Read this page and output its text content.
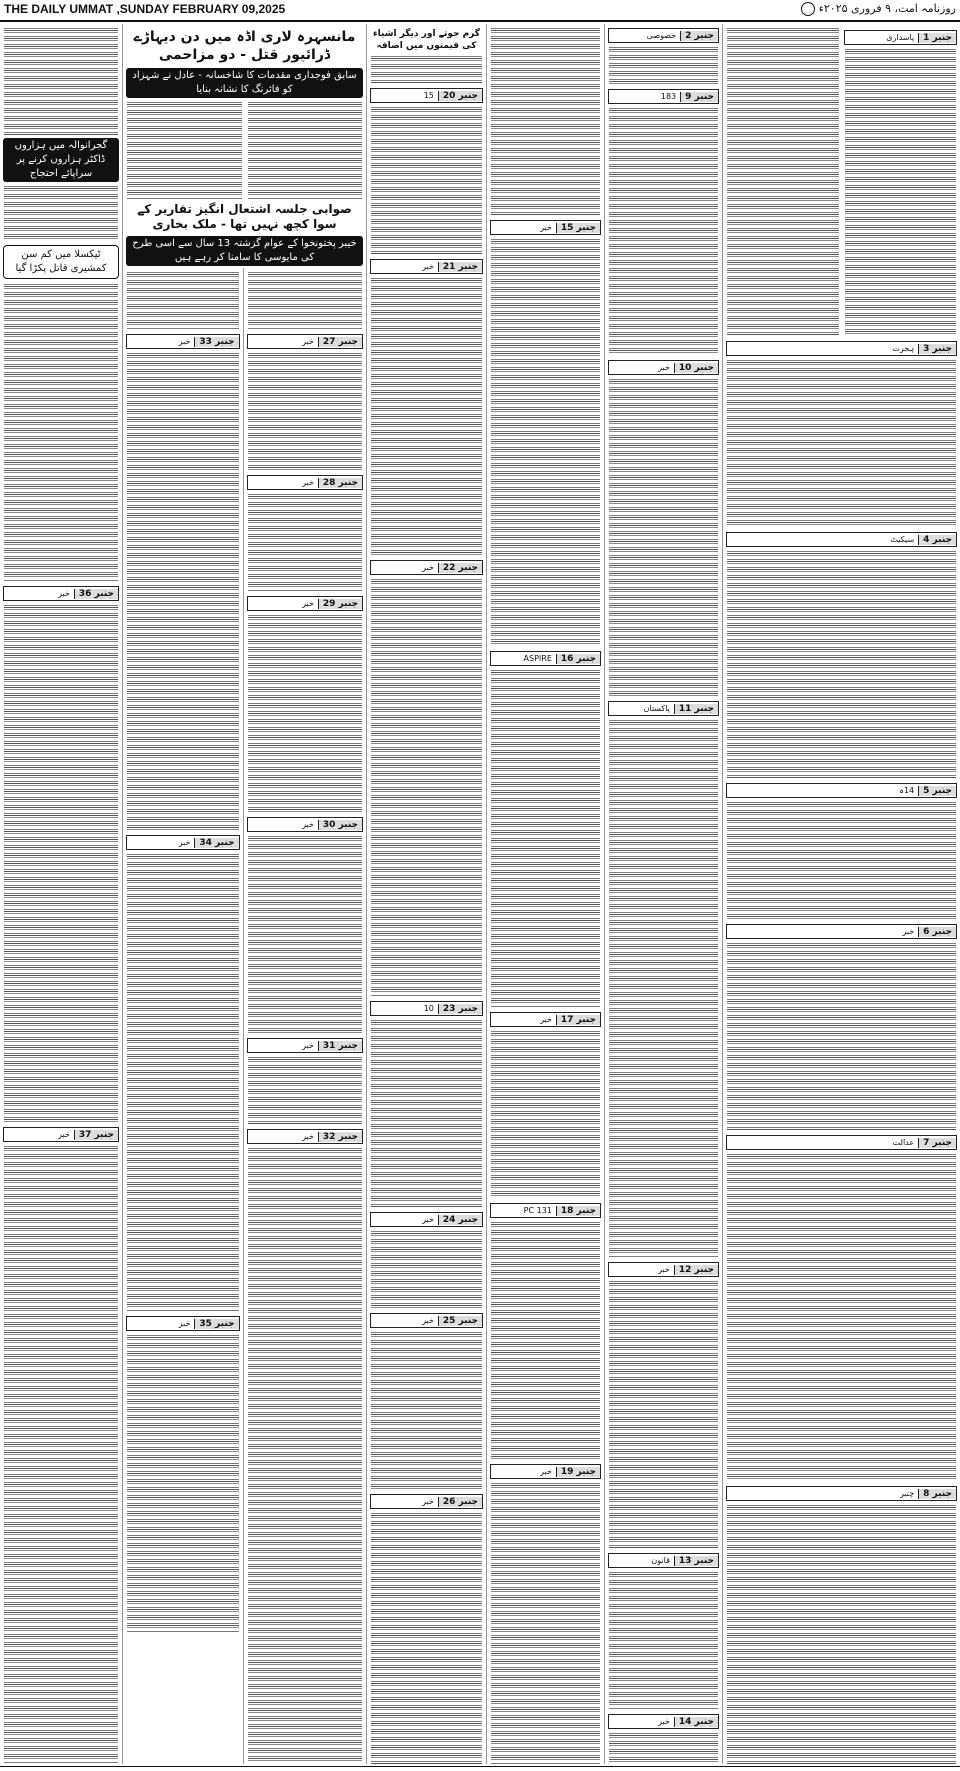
THE DAILY UMMAT ,SUNDAY FEBRUARY 09,2025	روزنامہ امت، ۹ فروری ۲۰۲۵ء
گجرانوالہ میں ہزاروں ڈاکٹر ہزاروں کرنے پر سراپائے احتجاج
ٹیکسلا میں کم سن کمشیری قاتل پکڑا گیا
جنبر 36
خبر
جنبر 37
خبر
مانسہرہ لاری اڈہ میں دن دیہاڑے ڈرائیور قتل - دو مزاحمی
سابق فوجداری مقدمات کا شاخسانہ - عادل نے شہزاد کو فائرنگ کا نشانہ بنایا
صوابی جلسہ اشتعال انگیز تقاریر کے سوا کچھ نہیں تھا - ملک بخاری
خیبر پختونخوا کے عوام گزشتہ 13 سال سے اسی طرح کی مایوسی کا سامنا کر رہے ہیں
جنبر 33
خبر
جنبر 34
خبر
جنبر 35
خبر
جنبر 27
خبر
جنبر 28
خبر
جنبر 29
خبر
جنبر 30
خبر
جنبر 31
خبر
جنبر 32
خبر
گرم جوتے اور دیگر اشیاء کی قیمتوں میں اضافہ
جنبر 20
15
جنبر 21
خبر
جنبر 22
خبر
جنبر 23
10
جنبر 24
خبر
جنبر 25
خبر
جنبر 26
خبر
جنبر 15
خبر
جنبر 16
ASPIRE
جنبر 17
خبر
جنبر 18
PC 131
جنبر 19
خبر
جنبر 2
خصوصی
جنبر 9
183
جنبر 10
خبر
جنبر 11
پاکستان
جنبر 12
خبر
جنبر 13
قانون
جنبر 14
خبر
جنبر 1
پاسداری
جنبر 3
ہجرت
جنبر 4
سیکیٹ
جنبر 5
14ہ
جنبر 6
خبر
جنبر 7
عدالت
جنبر 8
چنبر
